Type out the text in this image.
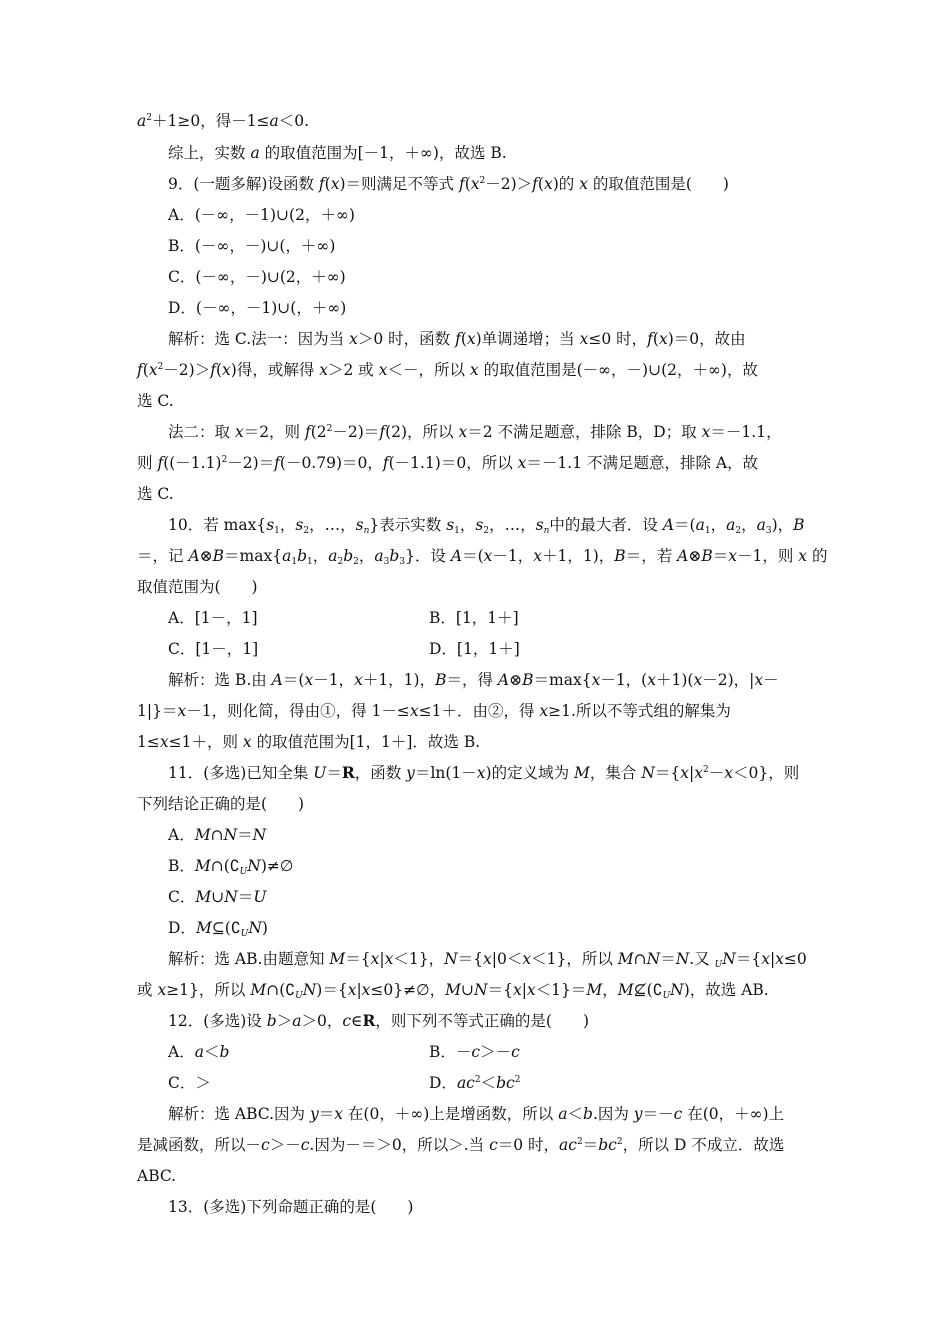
$a^2+1\ge 0$，得－1≤a＜0.
综上，实数 a 的取值范围为[－1，＋∞)，故选 B.
9．(一题多解)设函数 f(x)＝则满足不等式 $f(x^2-2)>f(x)$的 x 的取值范围是(　　)
A．(－∞，－1)∪(2，＋∞)
B．(－∞，－)∪(，＋∞)
C．(－∞，－)∪(2，＋∞)
D．(－∞，－1)∪(，＋∞)
解析：选 C.法一：因为当 x＞0 时，函数 f(x)单调递增；当 x≤0 时，f(x)＝0，故由
$f(x^2-2)>f(x)$得，或解得 x＞2 或 x＜－，所以 x 的取值范围是(－∞，－)∪(2，＋∞)，故
选 C.
法二：取 x＝2，则 $f(2^2-2)=f(2)$，所以 x＝2 不满足题意，排除 B，D；取 x＝－1.1，
则 $f((-1.1)^2-2)=f(-0.79)=0$，f(－1.1)＝0，所以 x＝－1.1 不满足题意，排除 A，故
选 C.
10．若 $\max\{s_1$，$s_2$，…，$s_n$}表示实数 $s_1$，$s_2$，…，$s_n$中的最大者．设 $A=(a_1$，$a_2$，$a_3$)，B
＝，记 $A\otimes B=\max\{a_1b_1$，$a_2b_2$，$a_3b_3$}．设 A＝(x－1，x＋1，1)，B＝，若 A⊗B＝x－1，则 x 的
取值范围为(　　)
A．[1－，1]	B．[1，1＋]
C．[1－，1]	D．[1，1＋]
解析：选 B.由 A＝(x－1，x＋1，1)，B＝，得 A⊗B＝max{x－1，(x＋1)(x－2)，|x－
1|}＝x－1，则化简，得由①，得 1－≤x≤1＋．由②，得 x≥1.所以不等式组的解集为
1≤x≤1＋，则 x 的取值范围为[1，1＋]．故选 B.
11．(多选)已知全集 U＝R，函数 y＝ln(1－x)的定义域为 M，集合 $N=\{x|x^2-x<0\}$，则
下列结论正确的是(　　)
A．M∩N＝N
B．$M\cap(∁_UN)\ne\emptyset$
C．M∪N＝U
D．$M⊆(∁_UN)$
解析：选 AB.由题意知 M＝{x|x＜1}，N＝{x|0＜x＜1}，所以 M∩N＝N.又 $_U$N＝{x|x≤0
或 x≥1}，所以 $M\cap(∁_UN)=\{x|x\le 0\}\ne\emptyset$，M∪N＝{x|x＜1}＝M，$M⊈(∁_UN)$，故选 AB.
12．(多选)设 b＞a＞0，c∈R，则下列不等式正确的是(　　)
A．a＜b	B．－c＞－c
C．＞	D．$ac^2<bc^2$
解析：选 ABC.因为 y＝x 在(0，＋∞)上是增函数，所以 a＜b.因为 y＝－c 在(0，＋∞)上
是减函数，所以－c＞－c.因为－＝＞0，所以＞.当 c＝0 时，$ac^2=bc^2$，所以 D 不成立．故选
ABC.
13．(多选)下列命题正确的是(　　)
